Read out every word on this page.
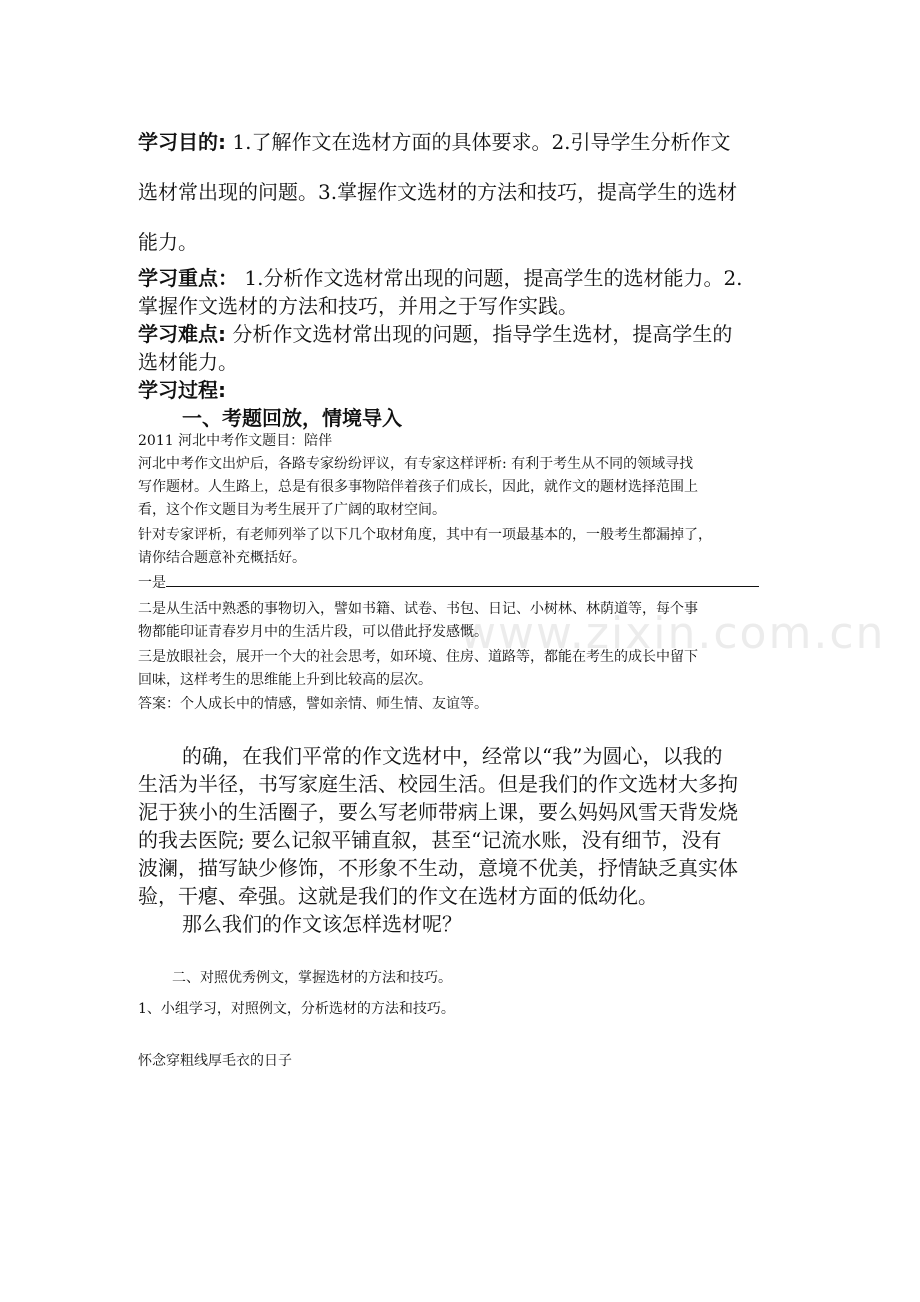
www.zixin.com.cn
学习目的: 1.了解作文在选材方面的具体要求。2.引导学生分析作文
选材常出现的问题。3.掌握作文选材的方法和技巧，提高学生的选材
能力。
学习重点： 1.分析作文选材常出现的问题，提高学生的选材能力。2.
掌握作文选材的方法和技巧，并用之于写作实践。
学习难点: 分析作文选材常出现的问题，指导学生选材，提高学生的
选材能力。
学习过程:
一、考题回放，情境导入
2011 河北中考作文题目：陪伴
河北中考作文出炉后，各路专家纷纷评议，有专家这样评析: 有利于考生从不同的领域寻找
写作题材。人生路上，总是有很多事物陪伴着孩子们成长，因此，就作文的题材选择范围上
看，这个作文题目为考生展开了广阔的取材空间。
针对专家评析，有老师列举了以下几个取材角度，其中有一项最基本的，一般考生都漏掉了，
请你结合题意补充概括好。
一是
二是从生活中熟悉的事物切入，譬如书籍、试卷、书包、日记、小树林、林荫道等，每个事
物都能印证青春岁月中的生活片段，可以借此抒发感慨。
三是放眼社会，展开一个大的社会思考，如环境、住房、道路等，都能在考生的成长中留下
回味，这样考生的思维能上升到比较高的层次。
答案：个人成长中的情感，譬如亲情、师生情、友谊等。
的确，在我们平常的作文选材中，经常以“我”为圆心，以我的
生活为半径，书写家庭生活、校园生活。但是我们的作文选材大多拘
泥于狭小的生活圈子，要么写老师带病上课，要么妈妈风雪天背发烧
的我去医院; 要么记叙平铺直叙，甚至“记流水账，没有细节，没有
波澜，描写缺少修饰，不形象不生动，意境不优美，抒情缺乏真实体
验，干瘪、牵强。这就是我们的作文在选材方面的低幼化。
那么我们的作文该怎样选材呢？
二、对照优秀例文，掌握选材的方法和技巧。
1、小组学习，对照例文，分析选材的方法和技巧。
怀念穿粗线厚毛衣的日子
